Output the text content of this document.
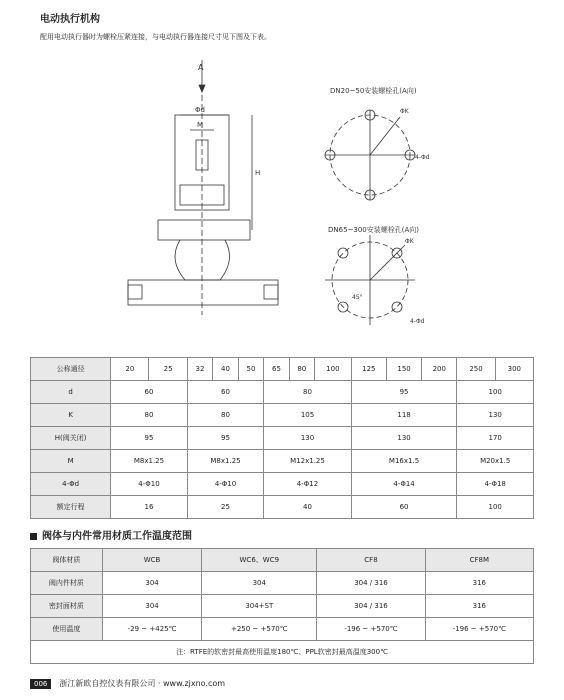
电动执行机构
配用电动执行器时为螺栓压紧连接，与电动执行器连接尺寸见下图及下表。
A
Φd
M
H
DN20~50安装螺栓孔(A向)
ΦK
4-Φd
DN65~300安装螺栓孔(A向)
ΦK
45°
4-Φd
公称通径	20	25	32	40	50	65	80	100	125	150	200	250	300
d	60		60			80			95			100	
K	80		80			105			118			130	
H(阀关闭)	95		95			130			130			170	
M	M8x1.25		M8x1.25			M12x1.25			M16x1.5			M20x1.5	
4-Φd	4-Φ10		4-Φ10			4-Φ12			4-Φ14			4-Φ18	
额定行程	16		25			40			60			100	
阀体与内件常用材质工作温度范围
阀体材质	WCB	WC6、WC9	CF8	CF8M
阀内件材质	304	304	304 / 316	316
密封面材质	304	304+ST	304 / 316	316
使用温度	-29 ~ +425℃	+250 ~ +570℃	-196 ~ +570℃	-196 ~ +570℃
注：RTFE的软密封最高使用温度180℃、PPL软密封最高温度300℃				
006 浙江新欧自控仪表有限公司 · www.zjxno.com
